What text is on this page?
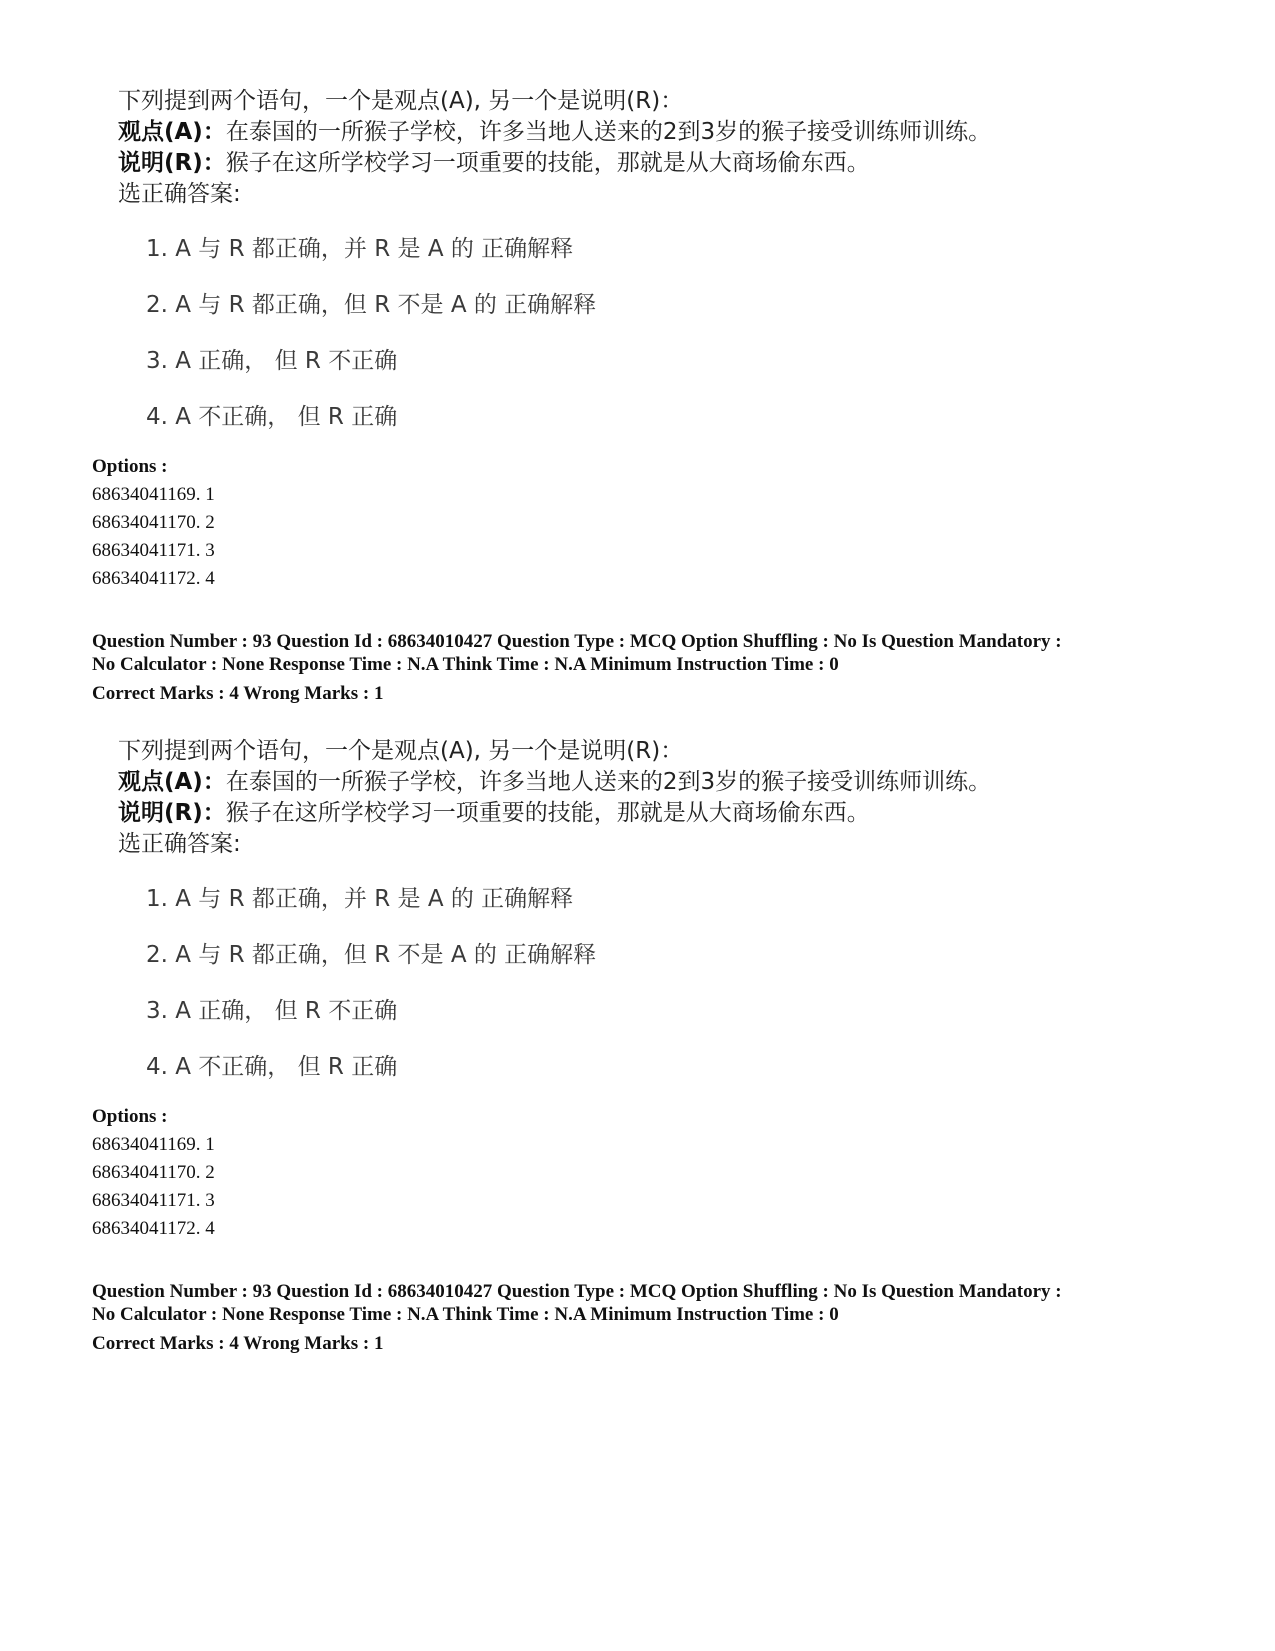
下列提到两个语句，一个是观点(A), 另一个是说明(R)：
观点(A)：在泰国的一所猴子学校，许多当地人送来的2到3岁的猴子接受训练师训练。
说明(R)：猴子在这所学校学习一项重要的技能，那就是从大商场偷东西。
选正确答案:
1. A 与 R 都正确，并 R 是 A 的 正确解释
2. A 与 R 都正确，但 R 不是 A 的 正确解释
3. A 正确， 但 R 不正确
4. A 不正确， 但 R 正确
Options :
68634041169. 1
68634041170. 2
68634041171. 3
68634041172. 4
Question Number : 93 Question Id : 68634010427 Question Type : MCQ Option Shuffling : No Is Question Mandatory :
No Calculator : None Response Time : N.A Think Time : N.A Minimum Instruction Time : 0
Correct Marks : 4 Wrong Marks : 1
下列提到两个语句，一个是观点(A), 另一个是说明(R)：
观点(A)：在泰国的一所猴子学校，许多当地人送来的2到3岁的猴子接受训练师训练。
说明(R)：猴子在这所学校学习一项重要的技能，那就是从大商场偷东西。
选正确答案:
1. A 与 R 都正确，并 R 是 A 的 正确解释
2. A 与 R 都正确，但 R 不是 A 的 正确解释
3. A 正确， 但 R 不正确
4. A 不正确， 但 R 正确
Options :
68634041169. 1
68634041170. 2
68634041171. 3
68634041172. 4
Question Number : 93 Question Id : 68634010427 Question Type : MCQ Option Shuffling : No Is Question Mandatory :
No Calculator : None Response Time : N.A Think Time : N.A Minimum Instruction Time : 0
Correct Marks : 4 Wrong Marks : 1
